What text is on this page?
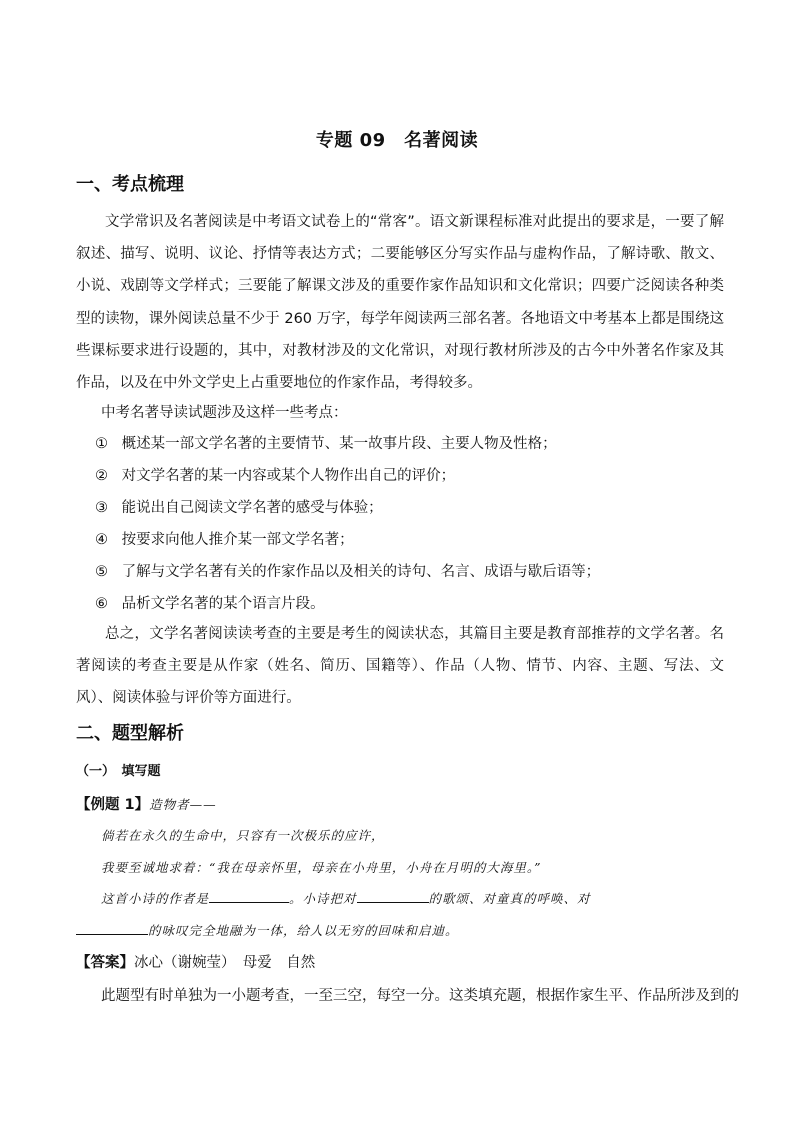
专题 09　名著阅读
一、考点梳理

文学常识及名著阅读是中考语文试卷上的“常客”。语文新课程标准对此提出的要求是，一要了解叙述、描写、说明、议论、抒情等表达方式；二要能够区分写实作品与虚构作品，了解诗歌、散文、小说、戏剧等文学样式；三要能了解课文涉及的重要作家作品知识和文化常识；四要广泛阅读各种类型的读物，课外阅读总量不少于 260 万字，每学年阅读两三部名著。各地语文中考基本上都是围绕这些课标要求进行设题的，其中，对教材涉及的文化常识，对现行教材所涉及的古今中外著名作家及其作品，以及在中外文学史上占重要地位的作家作品，考得较多。

中考名著导读试题涉及这样一些考点：
① 概述某一部文学名著的主要情节、某一故事片段、主要人物及性格；
② 对文学名著的某一内容或某个人物作出自己的评价；
③ 能说出自己阅读文学名著的感受与体验；
④ 按要求向他人推介某一部文学名著；
⑤ 了解与文学名著有关的作家作品以及相关的诗句、名言、成语与歇后语等；
⑥ 品析文学名著的某个语言片段。

总之，文学名著阅读读考查的主要是考生的阅读状态，其篇目主要是教育部推荐的文学名著。名著阅读的考查主要是从作家（姓名、简历、国籍等）、作品（人物、情节、内容、主题、写法、文风）、阅读体验与评价等方面进行。

二、题型解析
（一）　填写题
【例题 1】造物者——
倘若在永久的生命中，只容有一次极乐的应许，
我要至诚地求着：“我在母亲怀里，母亲在小舟里，小舟在月明的大海里。”
这首小诗的作者是	。小诗把对	的歌颂、对童真的呼唤、对
的咏叹完全地融为一体，给人以无穷的回味和启迪。
【答案】冰心（谢婉莹）　母爱　自然
此题型有时单独为一小题考查，一至三空，每空一分。这类填充题，根据作家生平、作品所涉及到的
